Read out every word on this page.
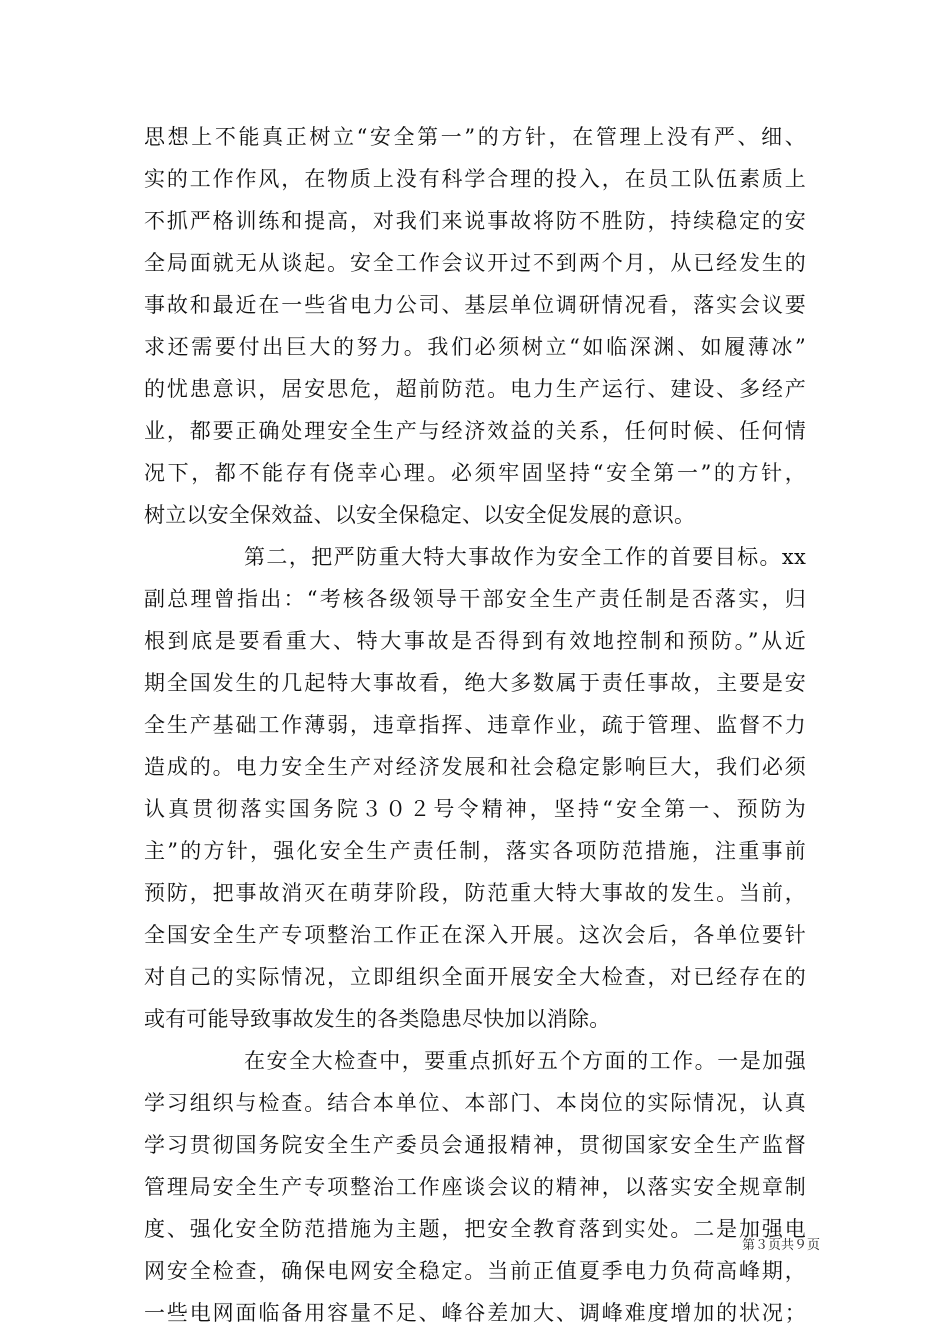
思想上不能真正树立“安全第一”的方针，在管理上没有严、细、
实的工作作风，在物质上没有科学合理的投入，在员工队伍素质上
不抓严格训练和提高，对我们来说事故将防不胜防，持续稳定的安
全局面就无从谈起。安全工作会议开过不到两个月，从已经发生的
事故和最近在一些省电力公司、基层单位调研情况看，落实会议要
求还需要付出巨大的努力。我们必须树立“如临深渊、如履薄冰”
的忧患意识，居安思危，超前防范。电力生产运行、建设、多经产
业，都要正确处理安全生产与经济效益的关系，任何时候、任何情
况下，都不能存有侥幸心理。必须牢固坚持“安全第一”的方针，
树立以安全保效益、以安全保稳定、以安全促发展的意识。
第二，把严防重大特大事故作为安全工作的首要目标。xx
副总理曾指出：“考核各级领导干部安全生产责任制是否落实，归
根到底是要看重大、特大事故是否得到有效地控制和预防。”从近
期全国发生的几起特大事故看，绝大多数属于责任事故，主要是安
全生产基础工作薄弱，违章指挥、违章作业，疏于管理、监督不力
造成的。电力安全生产对经济发展和社会稳定影响巨大，我们必须
认真贯彻落实国务院３０２号令精神，坚持“安全第一、预防为
主”的方针，强化安全生产责任制，落实各项防范措施，注重事前
预防，把事故消灭在萌芽阶段，防范重大特大事故的发生。当前，
全国安全生产专项整治工作正在深入开展。这次会后，各单位要针
对自己的实际情况，立即组织全面开展安全大检查，对已经存在的
或有可能导致事故发生的各类隐患尽快加以消除。
在安全大检查中，要重点抓好五个方面的工作。一是加强
学习组织与检查。结合本单位、本部门、本岗位的实际情况，认真
学习贯彻国务院安全生产委员会通报精神，贯彻国家安全生产监督
管理局安全生产专项整治工作座谈会议的精神，以落实安全规章制
度、强化安全防范措施为主题，把安全教育落到实处。二是加强电
网安全检查，确保电网安全稳定。当前正值夏季电力负荷高峰期，
一些电网面临备用容量不足、峰谷差加大、调峰难度增加的状况；
第３页共９页
